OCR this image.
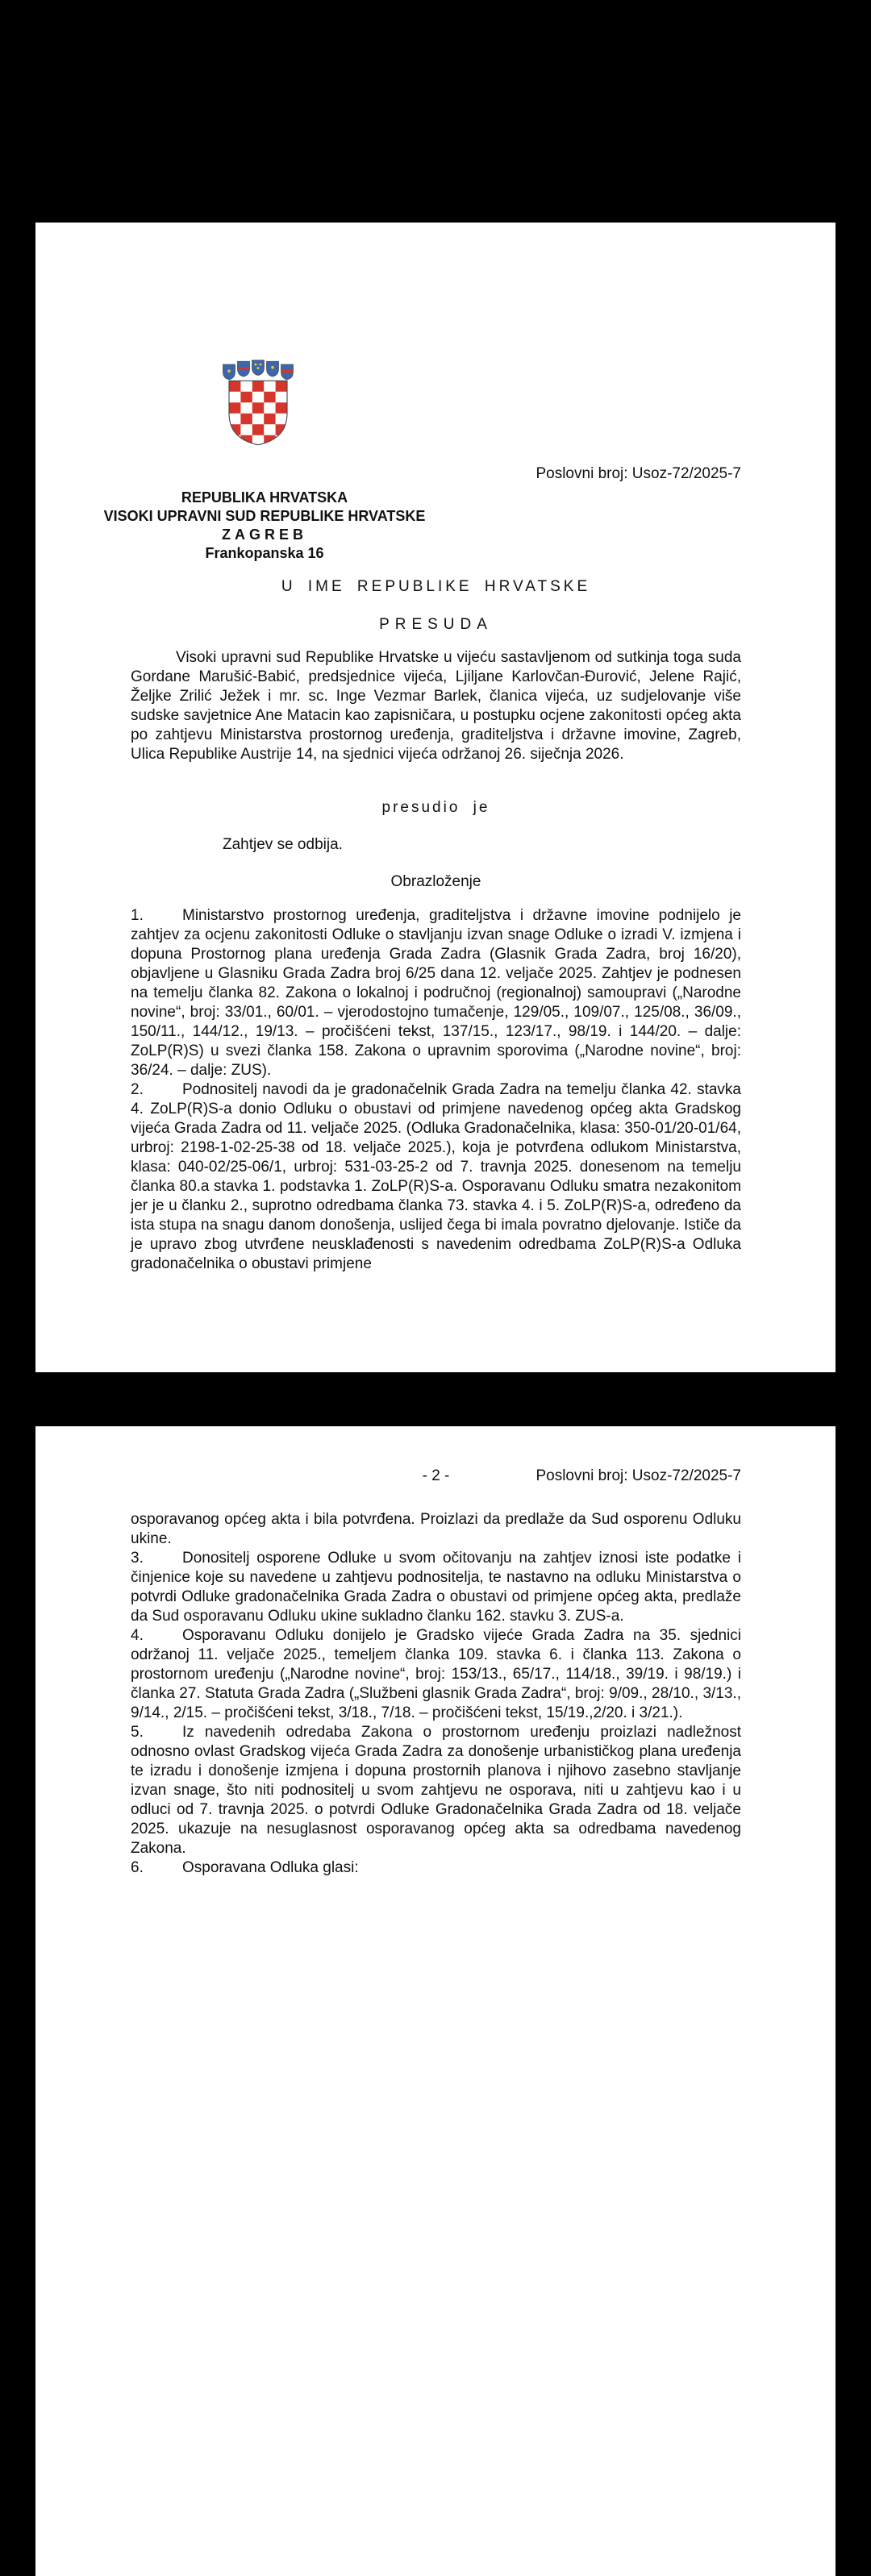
Poslovni broj: Usoz-72/2025-7
REPUBLIKA HRVATSKA
VISOKI UPRAVNI SUD REPUBLIKE HRVATSKE
ZAGREB
Frankopanska 16
U IME REPUBLIKE HRVATSKE
PRESUDA

Visoki upravni sud Republike Hrvatske u vijeću sastavljenom od sutkinja toga suda Gordane Marušić-Babić, predsjednice vijeća, Ljiljane Karlovčan-Đurović, Jelene Rajić, Željke Zrilić Ježek i mr. sc. Inge Vezmar Barlek, članica vijeća, uz sudjelovanje više sudske savjetnice Ane Matacin kao zapisničara, u postupku ocjene zakonitosti općeg akta po zahtjevu Ministarstva prostornog uređenja, graditeljstva i državne imovine, Zagreb, Ulica Republike Austrije 14, na sjednici vijeća održanoj 26. siječnja 2026.

presudio je
Zahtjev se odbija.
Obrazloženje

1.	Ministarstvo prostornog uređenja, graditeljstva i državne imovine podnijelo je zahtjev za ocjenu zakonitosti Odluke o stavljanju izvan snage Odluke o izradi V. izmjena i dopuna Prostornog plana uređenja Grada Zadra (Glasnik Grada Zadra, broj 16/20), objavljene u Glasniku Grada Zadra broj 6/25 dana 12. veljače 2025. Zahtjev je podnesen na temelju članka 82. Zakona o lokalnoj i područnoj (regionalnoj) samoupravi („Narodne novine“, broj: 33/01., 60/01. – vjerodostojno tumačenje, 129/05., 109/07., 125/08., 36/09., 150/11., 144/12., 19/13. – pročišćeni tekst, 137/15., 123/17., 98/19. i 144/20. – dalje: ZoLP(R)S) u svezi članka 158. Zakona o upravnim sporovima („Narodne novine“, broj: 36/24. – dalje: ZUS).

2.	Podnositelj navodi da je gradonačelnik Grada Zadra na temelju članka 42. stavka 4. ZoLP(R)S-a donio Odluku o obustavi od primjene navedenog općeg akta Gradskog vijeća Grada Zadra od 11. veljače 2025. (Odluka Gradonačelnika, klasa: 350-01/20-01/64, urbroj: 2198-1-02-25-38 od 18. veljače 2025.), koja je potvrđena odlukom Ministarstva, klasa: 040-02/25-06/1, urbroj: 531-03-25-2 od 7. travnja 2025. donesenom na temelju članka 80.a stavka 1. podstavka 1. ZoLP(R)S-a. Osporavanu Odluku smatra nezakonitom jer je u članku 2., suprotno odredbama članka 73. stavka 4. i 5. ZoLP(R)S-a, određeno da ista stupa na snagu danom donošenja, uslijed čega bi imala povratno djelovanje. Ističe da je upravo zbog utvrđene neusklađenosti s navedenim odredbama ZoLP(R)S-a Odluka gradonačelnika o obustavi primjene

- 2 -	Poslovni broj: Usoz-72/2025-7

osporavanog općeg akta i bila potvrđena. Proizlazi da predlaže da Sud osporenu Odluku ukine.

3.	Donositelj osporene Odluke u svom očitovanju na zahtjev iznosi iste podatke i činjenice koje su navedene u zahtjevu podnositelja, te nastavno na odluku Ministarstva o potvrdi Odluke gradonačelnika Grada Zadra o obustavi od primjene općeg akta, predlaže da Sud osporavanu Odluku ukine sukladno članku 162. stavku 3. ZUS-a.

4.	Osporavanu Odluku donijelo je Gradsko vijeće Grada Zadra na 35. sjednici održanoj 11. veljače 2025., temeljem članka 109. stavka 6. i članka 113. Zakona o prostornom uređenju („Narodne novine“, broj: 153/13., 65/17., 114/18., 39/19. i 98/19.) i članka 27. Statuta Grada Zadra („Službeni glasnik Grada Zadra“, broj: 9/09., 28/10., 3/13., 9/14., 2/15. – pročišćeni tekst, 3/18., 7/18. – pročišćeni tekst, 15/19.,2/20. i 3/21.).

5.	Iz navedenih odredaba Zakona o prostornom uređenju proizlazi nadležnost odnosno ovlast Gradskog vijeća Grada Zadra za donošenje urbanističkog plana uređenja te izradu i donošenje izmjena i dopuna prostornih planova i njihovo zasebno stavljanje izvan snage, što niti podnositelj u svom zahtjevu ne osporava, niti u zahtjevu kao i u odluci od 7. travnja 2025. o potvrdi Odluke Gradonačelnika Grada Zadra od 18. veljače 2025. ukazuje na nesuglasnost osporavanog općeg akta sa odredbama navedenog Zakona.

6.	Osporavana Odluka glasi:
